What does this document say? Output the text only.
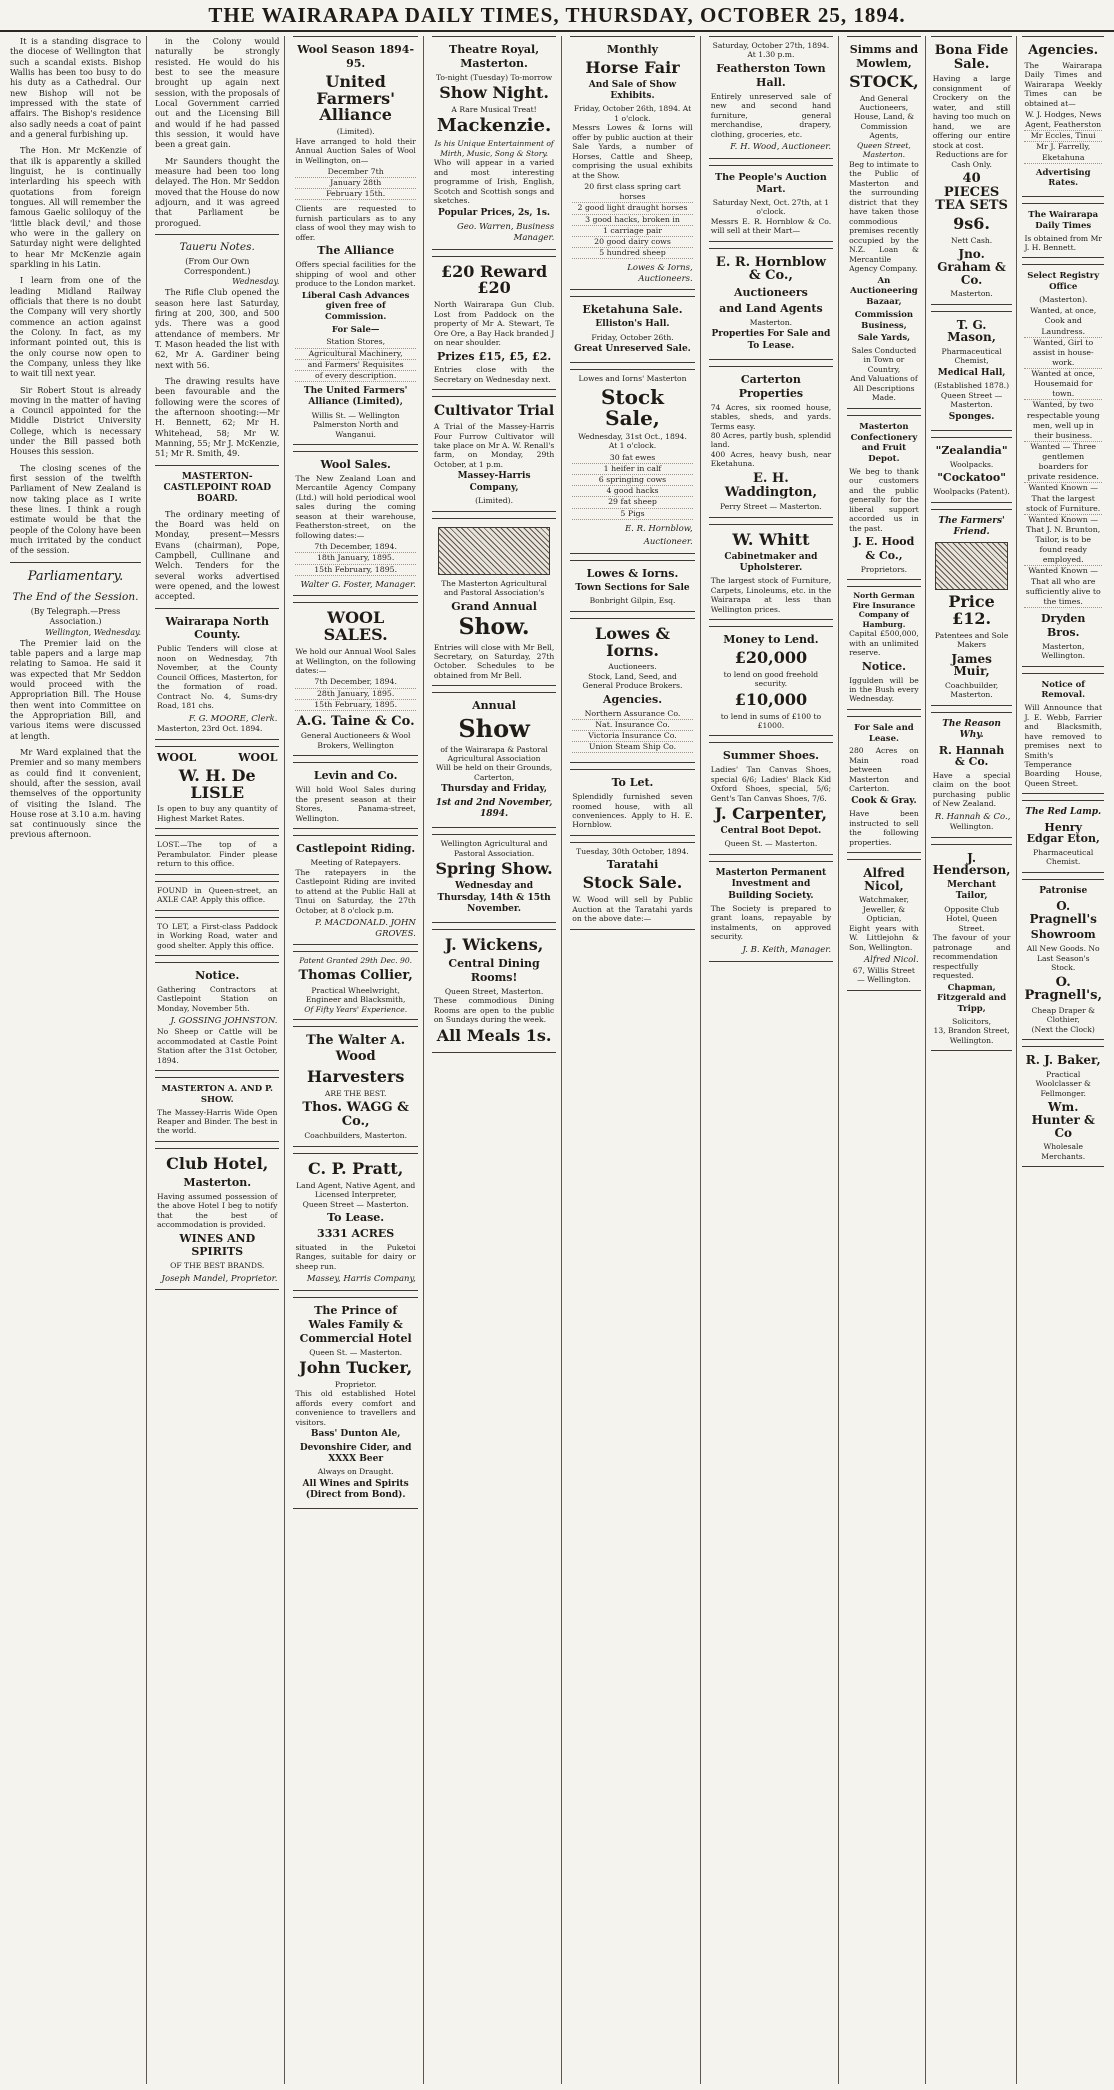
THE WAIRARAPA DAILY TIMES, THURSDAY, OCTOBER 25, 1894.

It is a standing disgrace to the diocese of Wellington that such a scandal exists. Bishop Wallis has been too busy to do his duty as a Cathedral. Our new Bishop will not be impressed with the state of affairs. The Bishop's residence also sadly needs a coat of paint and a general furbishing up.

The Hon. Mr McKenzie of that ilk is apparently a skilled linguist, he is continually interlarding his speech with quotations from foreign tongues. All will remember the famous Gaelic soliloquy of the 'little black devil,' and those who were in the gallery on Saturday night were delighted to hear Mr McKenzie again sparkling in his Latin.

I learn from one of the leading Midland Railway officials that there is no doubt the Company will very shortly commence an action against the Colony. In fact, as my informant pointed out, this is the only course now open to the Company, unless they like to wait till next year.

Sir Robert Stout is already moving in the matter of having a Council appointed for the Middle District University College, which is necessary under the Bill passed both Houses this session.

The closing scenes of the first session of the twelfth Parliament of New Zealand is now taking place as I write these lines. I think a rough estimate would be that the people of the Colony have been much irritated by the conduct of the session.

Parliamentary.
The End of the Session.
(By Telegraph.—Press Association.)
Wellington, Wednesday.

The Premier laid on the table papers and a large map relating to Samoa. He said it was expected that Mr Seddon would proceed with the Appropriation Bill. The House then went into Committee on the Appropriation Bill, and various items were discussed at length.

Mr Ward explained that the Premier and so many members as could find it convenient, should, after the session, avail themselves of the opportunity of visiting the Island. The House rose at 3.10 a.m. having sat continuously since the previous afternoon.

in the Colony would naturally be strongly resisted. He would do his best to see the measure brought up again next session, with the proposals of Local Government carried out and the Licensing Bill and would if he had passed this session, it would have been a great gain.

Mr Saunders thought the measure had been too long delayed. The Hon. Mr Seddon moved that the House do now adjourn, and it was agreed that Parliament be prorogued.

Taueru Notes.
(From Our Own Correspondent.)
Wednesday.

The Rifle Club opened the season here last Saturday, firing at 200, 300, and 500 yds. There was a good attendance of members. Mr T. Mason headed the list with 62, Mr A. Gardiner being next with 56.

The drawing results have been favourable and the following were the scores of the afternoon shooting:—Mr H. Bennett, 62; Mr H. Whitehead, 58; Mr W. Manning, 55; Mr J. McKenzie, 51; Mr R. Smith, 49.

MASTERTON-CASTLEPOINT ROAD BOARD.

The ordinary meeting of the Board was held on Monday, present—Messrs Evans (chairman), Pope, Campbell, Cullinane and Welch. Tenders for the several works advertised were opened, and the lowest accepted.

Wairarapa North County.
Public Tenders will close at noon on Wednesday, 7th November, at the County Council Offices, Masterton, for the formation of road. Contract No. 4, Sums-dry Road, 181 chs.
F. G. MOORE, Clerk.
Masterton, 23rd Oct. 1894.
WOOL	WOOL
W. H. De LISLE
Is open to buy any quantity of Highest Market Rates.
LOST.—The top of a Perambulator. Finder please return to this office.
FOUND in Queen-street, an AXLE CAP. Apply this office.
TO LET, a First-class Paddock in Working Road, water and good shelter. Apply this office.
Notice.
Gathering Contractors at Castlepoint Station on Monday, November 5th.
J. GOSSING JOHNSTON.
No Sheep or Cattle will be accommodated at Castle Point Station after the 31st October, 1894.
MASTERTON A. AND P. SHOW.
The Massey-Harris Wide Open Reaper and Binder. The best in the world.
Club Hotel,
Masterton.
Having assumed possession of the above Hotel I beg to notify that the best of accommodation is provided.
WINES AND SPIRITS
OF THE BEST BRANDS.
Joseph Mandel, Proprietor.
Wool Season 1894-95.
United Farmers' Alliance
(Limited).
Have arranged to hold their Annual Auction Sales of Wool in Wellington, on—
December 7th
January 28th
February 15th.
Clients are requested to furnish particulars as to any class of wool they may wish to offer.
The Alliance
Offers special facilities for the shipping of wool and other produce to the London market.
Liberal Cash Advances given free of Commission.
For Sale—
Station Stores,
Agricultural Machinery,
and Farmers' Requisites
of every description.
The United Farmers' Alliance (Limited),
Willis St. — Wellington
Palmerston North and Wanganui.
Wool Sales.
The New Zealand Loan and Mercantile Agency Company (Ltd.) will hold periodical wool sales during the coming season at their warehouse, Featherston-street, on the following dates:—
7th December, 1894.
18th January, 1895.
15th February, 1895.
Walter G. Foster, Manager.
WOOL SALES.
We hold our Annual Wool Sales at Wellington, on the following dates:—
7th December, 1894.
28th January, 1895.
15th February, 1895.
A.G. Taine & Co.
General Auctioneers & Wool Brokers, Wellington
Levin and Co.
Will hold Wool Sales during the present season at their Stores, Panama-street, Wellington.
Castlepoint Riding.
Meeting of Ratepayers.
The ratepayers in the Castlepoint Riding are invited to attend at the Public Hall at Tinui on Saturday, the 27th October, at 8 o'clock p.m.
P. MACDONALD. JOHN GROVES.
Patent Granted 29th Dec. 90.
Thomas Collier,
Practical Wheelwright, Engineer and Blacksmith,
Of Fifty Years' Experience.
The Walter A. Wood
Harvesters
ARE THE BEST.
Thos. WAGG & Co.,
Coachbuilders, Masterton.
C. P. Pratt,
Land Agent, Native Agent, and Licensed Interpreter,
Queen Street — Masterton.
To Lease.
3331 ACRES
situated in the Puketoi Ranges, suitable for dairy or sheep run.
Massey, Harris Company,
The Prince of Wales Family & Commercial Hotel
Queen St. — Masterton.
John Tucker,
Proprietor.
This old established Hotel affords every comfort and convenience to travellers and visitors.
Bass' Dunton Ale,
Devonshire Cider, and XXXX Beer
Always on Draught.
All Wines and Spirits (Direct from Bond).
Theatre Royal, Masterton.
To-night (Tuesday) To-morrow
Show Night.
A Rare Musical Treat!
Mackenzie.
Is his Unique Entertainment of Mirth, Music, Song & Story.
Who will appear in a varied and most interesting programme of Irish, English, Scotch and Scottish songs and sketches.
Popular Prices, 2s, 1s.
Geo. Warren, Business Manager.
£20 Reward £20
North Wairarapa Gun Club. Lost from Paddock on the property of Mr A. Stewart, Te Ore Ore, a Bay Hack branded J on near shoulder.
Prizes £15, £5, £2.
Entries close with the Secretary on Wednesday next.
Cultivator Trial
A Trial of the Massey-Harris Four Furrow Cultivator will take place on Mr A. W. Renall's farm, on Monday, 29th October, at 1 p.m.
Massey-Harris Company,
(Limited).
The Masterton Agricultural and Pastoral Association's
Grand Annual
Show.
Entries will close with Mr Bell, Secretary, on Saturday, 27th October. Schedules to be obtained from Mr Bell.
Annual
Show
of the Wairarapa & Pastoral Agricultural Association
Will be held on their Grounds, Carterton,
Thursday and Friday,
1st and 2nd November, 1894.
Wellington Agricultural and Pastoral Association.
Spring Show.
Wednesday and Thursday, 14th & 15th November.
J. Wickens,
Central Dining Rooms!
Queen Street, Masterton.
These commodious Dining Rooms are open to the public on Sundays during the week.
All Meals 1s.
Monthly
Horse Fair
And Sale of Show Exhibits.
Friday, October 26th, 1894. At 1 o'clock.
Messrs Lowes & Iorns will offer by public auction at their Sale Yards, a number of Horses, Cattle and Sheep, comprising the usual exhibits at the Show.
20 first class spring cart horses
2 good light draught horses
3 good hacks, broken in
1 carriage pair
20 good dairy cows
5 hundred sheep
Lowes & Iorns, Auctioneers.
Eketahuna Sale.
Elliston's Hall.
Friday, October 26th.
Great Unreserved Sale.
Lowes and Iorns' Masterton
Stock Sale,
Wednesday, 31st Oct., 1894.
At 1 o'clock.
30 fat ewes
1 heifer in calf
6 springing cows
4 good hacks
29 fat sheep
5 Pigs
E. R. Hornblow,
Auctioneer.
Lowes & Iorns.
Town Sections for Sale
Bonbright Gilpin, Esq.
Lowes & Iorns.
Auctioneers.
Stock, Land, Seed, and General Produce Brokers.
Agencies.
Northern Assurance Co.
Nat. Insurance Co.
Victoria Insurance Co.
Union Steam Ship Co.
To Let.
Splendidly furnished seven roomed house, with all conveniences. Apply to H. E. Hornblow.
Tuesday, 30th October, 1894.
Taratahi
Stock Sale.
W. Wood will sell by Public Auction at the Taratahi yards on the above date:—
Saturday, October 27th, 1894. At 1.30 p.m.
Featherston Town Hall.
Entirely unreserved sale of new and second hand furniture, general merchandise, drapery, clothing, groceries, etc.
F. H. Wood, Auctioneer.
The People's Auction Mart.
Saturday Next, Oct. 27th, at 1 o'clock.
Messrs E. R. Hornblow & Co. will sell at their Mart—
E. R. Hornblow & Co.,
Auctioneers
and Land Agents
Masterton.
Properties For Sale and To Lease.
Carterton Properties
74 Acres, six roomed house, stables, sheds, and yards. Terms easy.
80 Acres, partly bush, splendid land.
400 Acres, heavy bush, near Eketahuna.
E. H. Waddington,
Perry Street — Masterton.
W. Whitt
Cabinetmaker and Upholsterer.
The largest stock of Furniture, Carpets, Linoleums, etc. in the Wairarapa at less than Wellington prices.
Money to Lend.
£20,000
to lend on good freehold security.
£10,000
to lend in sums of £100 to £1000.
Summer Shoes.
Ladies' Tan Canvas Shoes, special 6/6; Ladies' Black Kid Oxford Shoes, special, 5/6; Gent's Tan Canvas Shoes, 7/6.
J. Carpenter,
Central Boot Depot.
Queen St. — Masterton.
Masterton Permanent Investment and Building Society.
The Society is prepared to grant loans, repayable by instalments, on approved security.
J. B. Keith, Manager.
Simms and Mowlem,
STOCK,
And General Auctioneers, House, Land, & Commission Agents,
Queen Street, Masterton.
Beg to intimate to the Public of Masterton and the surrounding district that they have taken those commodious premises recently occupied by the N.Z. Loan & Mercantile Agency Company.
An Auctioneering Bazaar,
Commission Business,
Sale Yards,
Sales Conducted in Town or Country,
And Valuations of All Descriptions Made.
Masterton Confectionery and Fruit Depot.
We beg to thank our customers and the public generally for the liberal support accorded us in the past.
J. E. Hood & Co.,
Proprietors.
North German Fire Insurance Company of Hamburg.
Capital £500,000, with an unlimited reserve.
Notice.
Iggulden will be in the Bush every Wednesday.
For Sale and Lease.
280 Acres on Main road between Masterton and Carterton.
Cook & Gray.
Have been instructed to sell the following properties.
Alfred Nicol,
Watchmaker, Jeweller, & Optician,
Eight years with W. Littlejohn & Son, Wellington.
Alfred Nicol.
67, Willis Street — Wellington.
Bona Fide Sale.
Having a large consignment of Crockery on the water, and still having too much on hand, we are offering our entire stock at cost.
Reductions are for Cash Only.
40 PIECES TEA SETS
9s6.
Nett Cash.
Jno. Graham & Co.
Masterton.
T. G. Mason,
Pharmaceutical Chemist,
Medical Hall,
(Established 1878.)
Queen Street — Masterton.
Sponges.
"Zealandia"
Woolpacks.
"Cockatoo"
Woolpacks (Patent).
The Farmers' Friend.
Price £12.
Patentees and Sole Makers
James Muir,
Coachbuilder, Masterton.
The Reason Why.
R. Hannah & Co.
Have a special claim on the boot purchasing public of New Zealand.
R. Hannah & Co.,
Wellington.
J. Henderson,
Merchant Tailor,
Opposite Club Hotel, Queen Street.
The favour of your patronage and recommendation respectfully requested.
Chapman, Fitzgerald and Tripp,
Solicitors,
13, Brandon Street, Wellington.
Agencies.
The Wairarapa Daily Times and Wairarapa Weekly Times can be obtained at—
W. J. Hodges, News Agent, Featherston
Mr Eccles, Tinui
Mr J. Farrelly, Eketahuna
Advertising Rates.
The Wairarapa Daily Times
Is obtained from Mr J. H. Bennett.
Select Registry Office
(Masterton).
Wanted, at once, Cook and Laundress.
Wanted, Girl to assist in house-work.
Wanted at once, Housemaid for town.
Wanted, by two respectable young men, well up in their business.
Wanted — Three gentlemen boarders for private residence.
Wanted Known — That the largest stock of Furniture.
Wanted Known — That J. N. Brunton, Tailor, is to be found ready employed.
Wanted Known — That all who are sufficiently alive to the times.
Dryden Bros.
Masterton, Wellington.
Notice of Removal.
Will Announce that J. E. Webb, Farrier and Blacksmith, have removed to premises next to Smith's Temperance Boarding House, Queen Street.
The Red Lamp.
Henry Edgar Eton,
Pharmaceutical Chemist.
Patronise
O. Pragnell's
Showroom
All New Goods. No Last Season's Stock.
O. Pragnell's,
Cheap Draper & Clothier,
(Next the Clock)
R. J. Baker,
Practical Woolclasser & Fellmonger.
Wm. Hunter & Co
Wholesale Merchants.
